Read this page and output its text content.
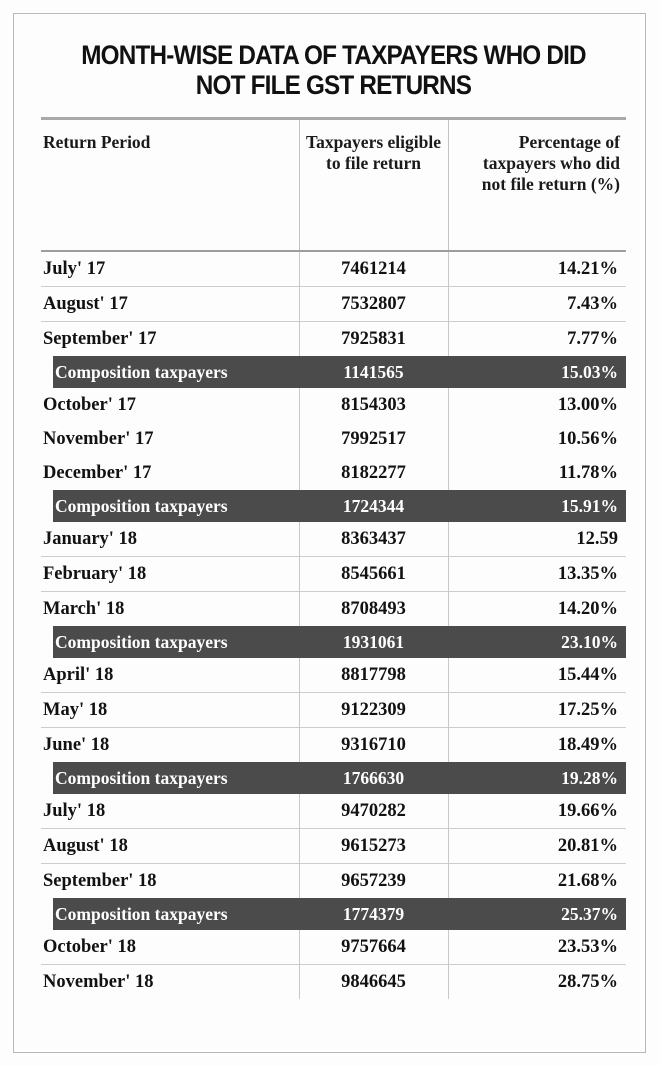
MONTH-WISE DATA OF TAXPAYERS WHO DID NOT FILE GST RETURNS
Return Period	Taxpayers eligible to file return	Percentage of taxpayers who did not file return (%)
July' 17	7461214	14.21%
August' 17	7532807	7.43%
September' 17	7925831	7.77%
Composition taxpayers	1141565	15.03%
October' 17	8154303	13.00%
November' 17	7992517	10.56%
December' 17	8182277	11.78%
Composition taxpayers	1724344	15.91%
January' 18	8363437	12.59
February' 18	8545661	13.35%
March' 18	8708493	14.20%
Composition taxpayers	1931061	23.10%
April' 18	8817798	15.44%
May' 18	9122309	17.25%
June' 18	9316710	18.49%
Composition taxpayers	1766630	19.28%
July' 18	9470282	19.66%
August' 18	9615273	20.81%
September' 18	9657239	21.68%
Composition taxpayers	1774379	25.37%
October' 18	9757664	23.53%
November' 18	9846645	28.75%
